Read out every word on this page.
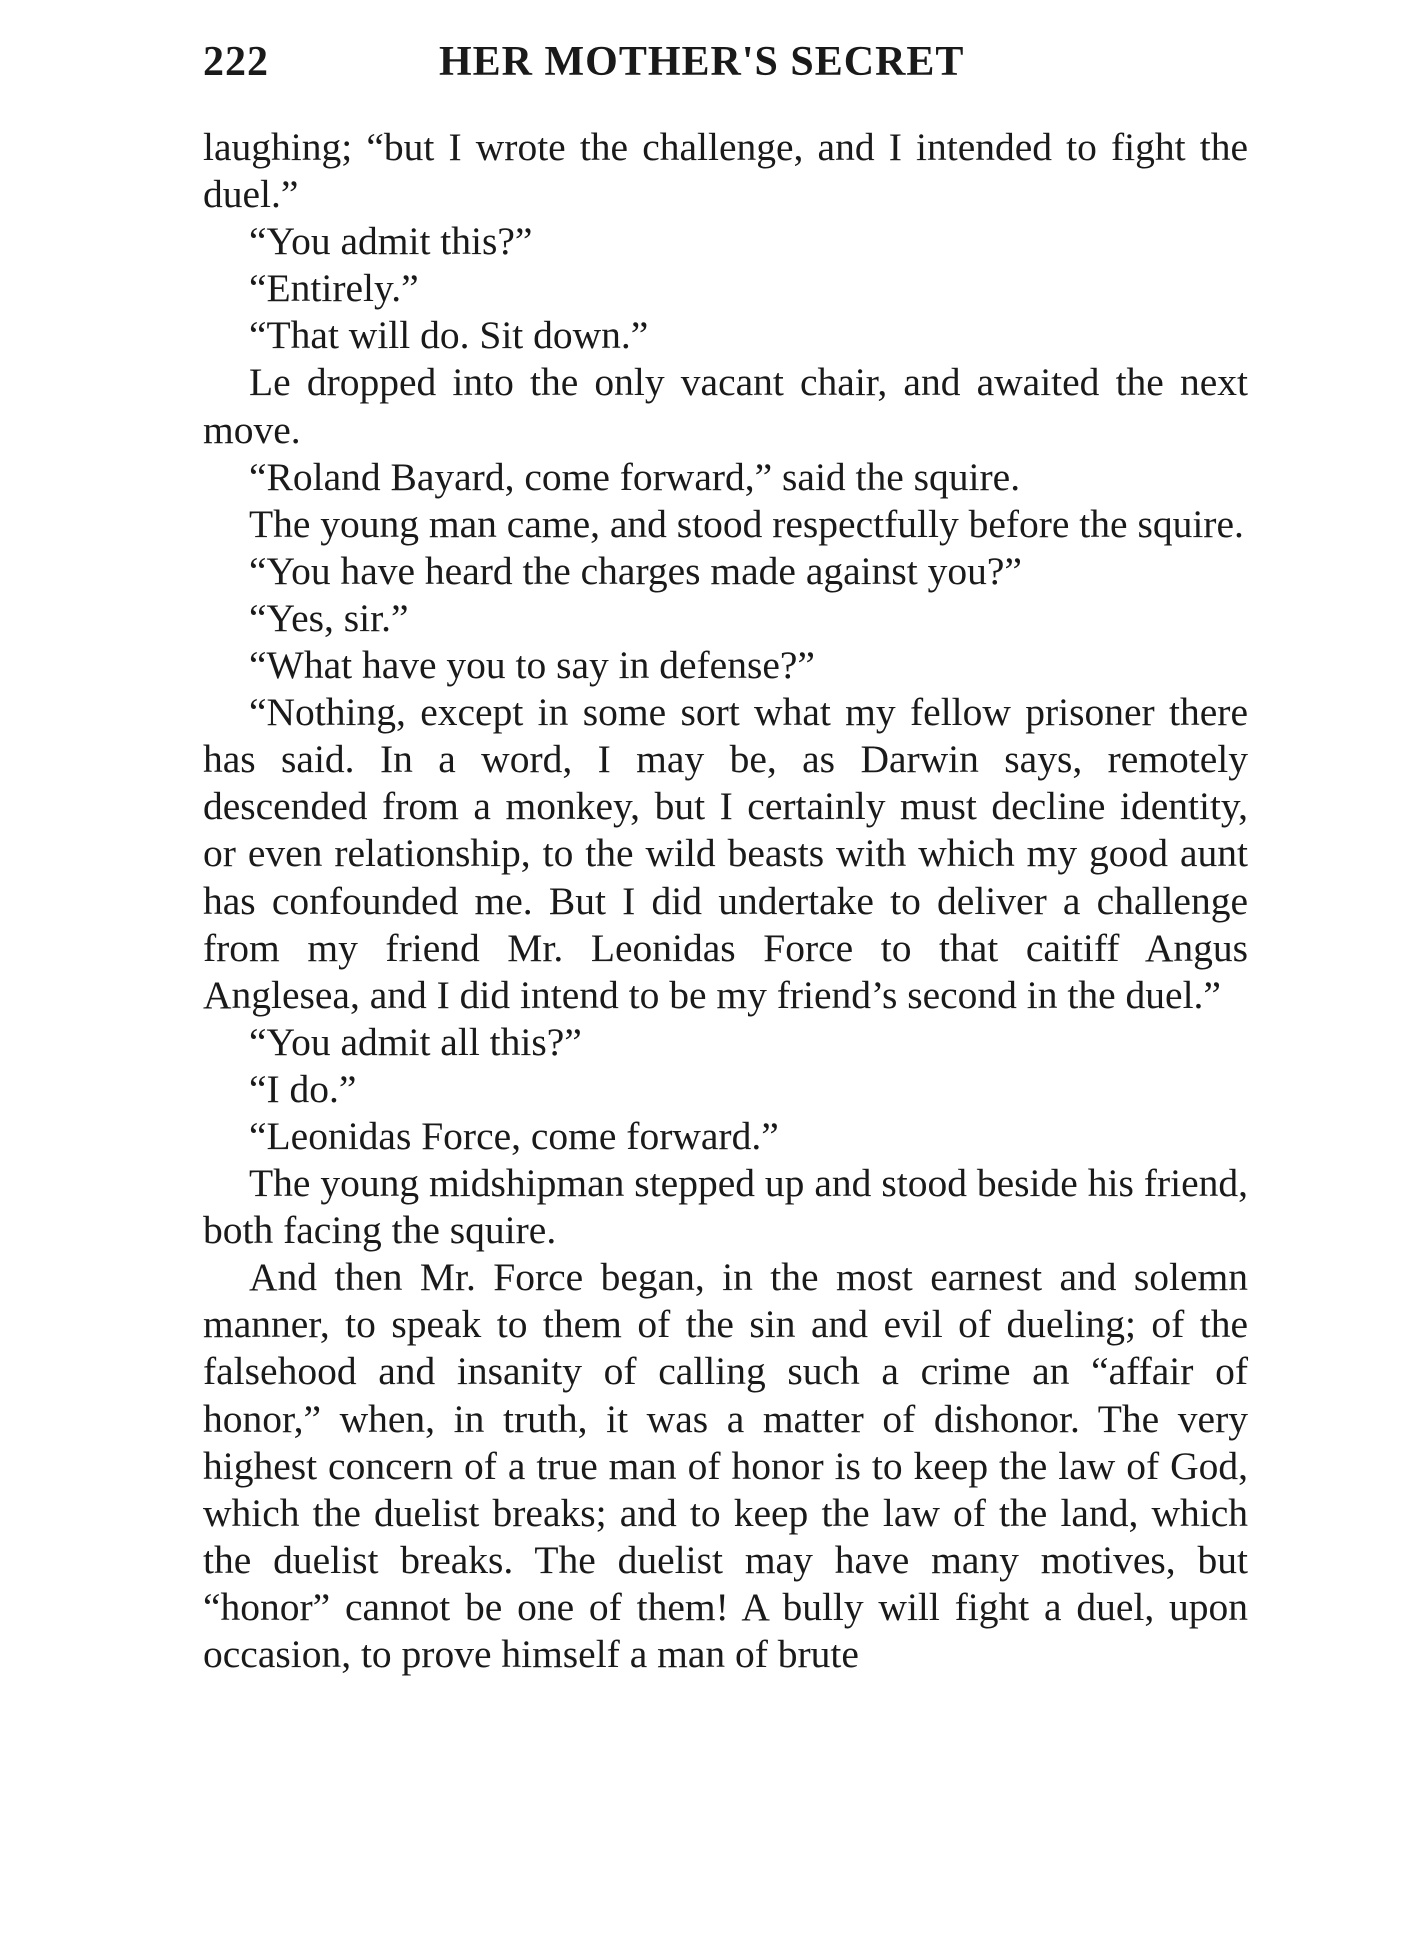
222	HER MOTHER'S SECRET

laughing; “but I wrote the challenge, and I intended to fight the duel.”

“You admit this?”

“Entirely.”

“That will do. Sit down.”

Le dropped into the only vacant chair, and awaited the next move.

“Roland Bayard, come forward,” said the squire.

The young man came, and stood respectfully before the squire.

“You have heard the charges made against you?”

“Yes, sir.”

“What have you to say in defense?”

“Nothing, except in some sort what my fellow prisoner there has said. In a word, I may be, as Darwin says, remotely descended from a monkey, but I certainly must decline identity, or even relationship, to the wild beasts with which my good aunt has confounded me. But I did undertake to deliver a challenge from my friend Mr. Leonidas Force to that caitiff Angus Anglesea, and I did intend to be my friend’s second in the duel.”

“You admit all this?”

“I do.”

“Leonidas Force, come forward.”

The young midshipman stepped up and stood beside his friend, both facing the squire.

And then Mr. Force began, in the most earnest and solemn manner, to speak to them of the sin and evil of dueling; of the falsehood and insanity of calling such a crime an “affair of honor,” when, in truth, it was a matter of dishonor. The very highest concern of a true man of honor is to keep the law of God, which the duelist breaks; and to keep the law of the land, which the duelist breaks. The duelist may have many motives, but “honor” cannot be one of them! A bully will fight a duel, upon occasion, to prove himself a man of brute
